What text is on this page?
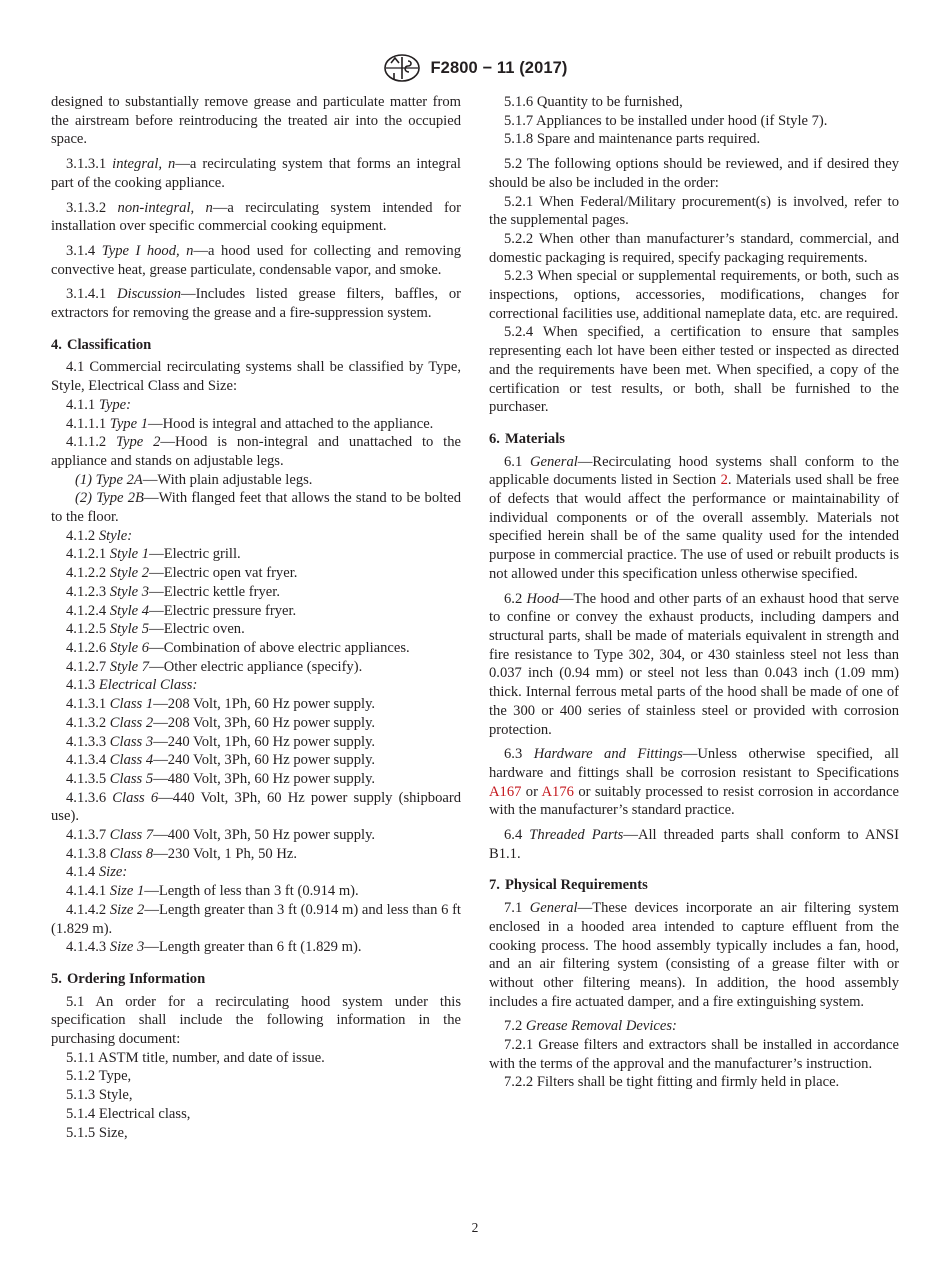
F2800 − 11 (2017)

designed to substantially remove grease and particulate matter from the airstream before reintroducing the treated air into the occupied space.

3.1.3.1 integral, n—a recirculating system that forms an integral part of the cooking appliance.

3.1.3.2 non-integral, n—a recirculating system intended for installation over specific commercial cooking equipment.

3.1.4 Type I hood, n—a hood used for collecting and removing convective heat, grease particulate, condensable vapor, and smoke.

3.1.4.1 Discussion—Includes listed grease filters, baffles, or extractors for removing the grease and a fire-suppression system.

4. Classification

4.1 Commercial recirculating systems shall be classified by Type, Style, Electrical Class and Size:

4.1.1 Type:

4.1.1.1 Type 1—Hood is integral and attached to the appliance.

4.1.1.2 Type 2—Hood is non-integral and unattached to the appliance and stands on adjustable legs.

(1) Type 2A—With plain adjustable legs.

(2) Type 2B—With flanged feet that allows the stand to be bolted to the floor.

4.1.2 Style:

4.1.2.1 Style 1—Electric grill.

4.1.2.2 Style 2—Electric open vat fryer.

4.1.2.3 Style 3—Electric kettle fryer.

4.1.2.4 Style 4—Electric pressure fryer.

4.1.2.5 Style 5—Electric oven.

4.1.2.6 Style 6—Combination of above electric appliances.

4.1.2.7 Style 7—Other electric appliance (specify).

4.1.3 Electrical Class:

4.1.3.1 Class 1—208 Volt, 1Ph, 60 Hz power supply.

4.1.3.2 Class 2—208 Volt, 3Ph, 60 Hz power supply.

4.1.3.3 Class 3—240 Volt, 1Ph, 60 Hz power supply.

4.1.3.4 Class 4—240 Volt, 3Ph, 60 Hz power supply.

4.1.3.5 Class 5—480 Volt, 3Ph, 60 Hz power supply.

4.1.3.6 Class 6—440 Volt, 3Ph, 60 Hz power supply (shipboard use).

4.1.3.7 Class 7—400 Volt, 3Ph, 50 Hz power supply.

4.1.3.8 Class 8—230 Volt, 1 Ph, 50 Hz.

4.1.4 Size:

4.1.4.1 Size 1—Length of less than 3 ft (0.914 m).

4.1.4.2 Size 2—Length greater than 3 ft (0.914 m) and less than 6 ft (1.829 m).

4.1.4.3 Size 3—Length greater than 6 ft (1.829 m).

5. Ordering Information

5.1 An order for a recirculating hood system under this specification shall include the following information in the purchasing document:

5.1.1 ASTM title, number, and date of issue.

5.1.2 Type,

5.1.3 Style,

5.1.4 Electrical class,

5.1.5 Size,

5.1.6 Quantity to be furnished,

5.1.7 Appliances to be installed under hood (if Style 7).

5.1.8 Spare and maintenance parts required.

5.2 The following options should be reviewed, and if desired they should be also be included in the order:

5.2.1 When Federal/Military procurement(s) is involved, refer to the supplemental pages.

5.2.2 When other than manufacturer’s standard, commercial, and domestic packaging is required, specify packaging requirements.

5.2.3 When special or supplemental requirements, or both, such as inspections, options, accessories, modifications, changes for correctional facilities use, additional nameplate data, etc. are required.

5.2.4 When specified, a certification to ensure that samples representing each lot have been either tested or inspected as directed and the requirements have been met. When specified, a copy of the certification or test results, or both, shall be furnished to the purchaser.

6. Materials

6.1 General—Recirculating hood systems shall conform to the applicable documents listed in Section 2. Materials used shall be free of defects that would affect the performance or maintainability of individual components or of the overall assembly. Materials not specified herein shall be of the same quality used for the intended purpose in commercial practice. The use of used or rebuilt products is not allowed under this specification unless otherwise specified.

6.2 Hood—The hood and other parts of an exhaust hood that serve to confine or convey the exhaust products, including dampers and structural parts, shall be made of materials equivalent in strength and fire resistance to Type 302, 304, or 430 stainless steel not less than 0.037 inch (0.94 mm) or steel not less than 0.043 inch (1.09 mm) thick. Internal ferrous metal parts of the hood shall be made of one of the 300 or 400 series of stainless steel or provided with corrosion protection.

6.3 Hardware and Fittings—Unless otherwise specified, all hardware and fittings shall be corrosion resistant to Specifications A167 or A176 or suitably processed to resist corrosion in accordance with the manufacturer’s standard practice.

6.4 Threaded Parts—All threaded parts shall conform to ANSI B1.1.

7. Physical Requirements

7.1 General—These devices incorporate an air filtering system enclosed in a hooded area intended to capture effluent from the cooking process. The hood assembly typically includes a fan, hood, and an air filtering system (consisting of a grease filter with or without other filtering means). In addition, the hood assembly includes a fire actuated damper, and a fire extinguishing system.

7.2 Grease Removal Devices:

7.2.1 Grease filters and extractors shall be installed in accordance with the terms of the approval and the manufacturer’s instruction.

7.2.2 Filters shall be tight fitting and firmly held in place.

2
